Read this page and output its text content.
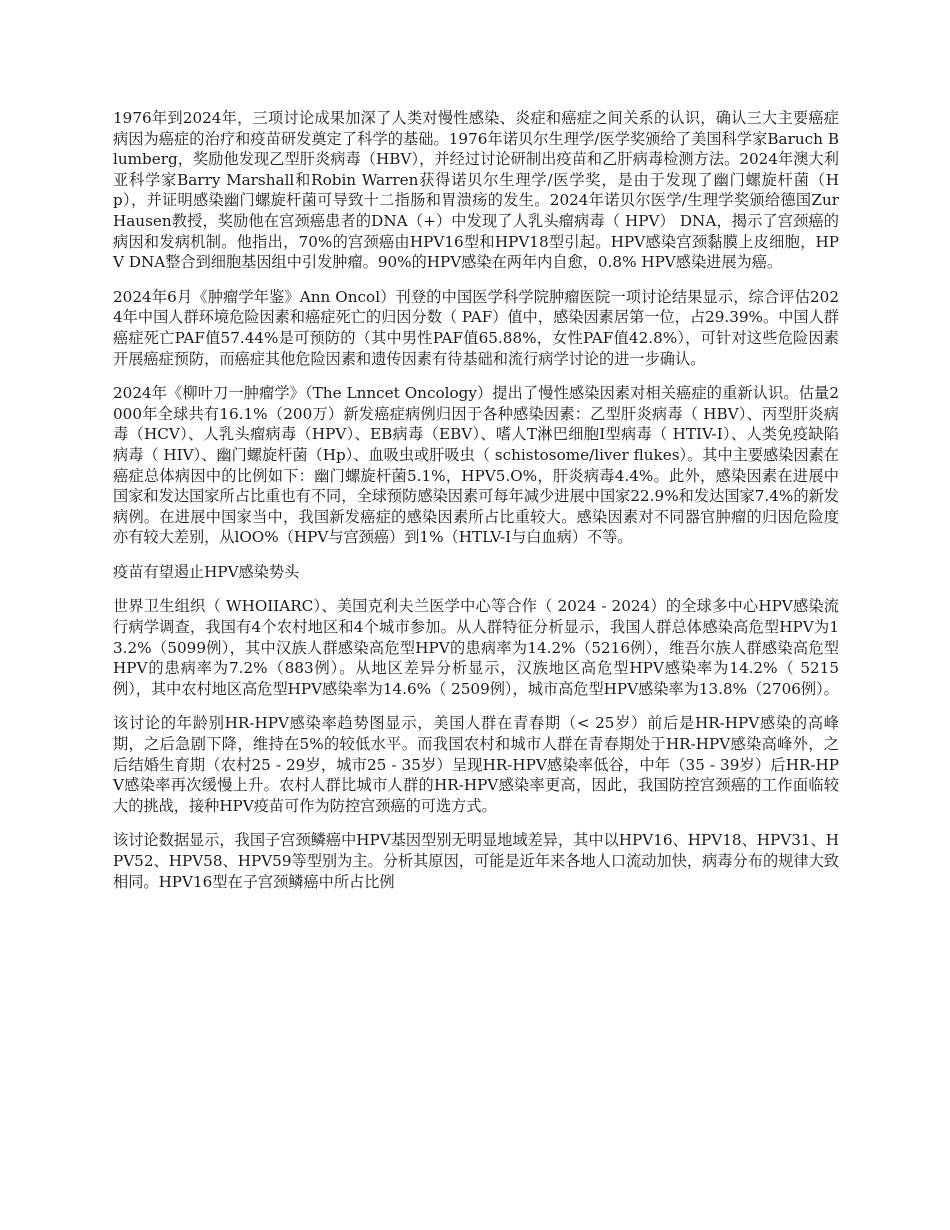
1976年到2024年，三项讨论成果加深了人类对慢性感染、炎症和癌症之间关系的认识，确认三大主要癌症病因为癌症的治疗和疫苗研发奠定了科学的基础。1976年诺贝尔生理学/医学奖颁给了美国科学家Baruch Blumberg，奖励他发现乙型肝炎病毒（HBV），并经过讨论研制出疫苗和乙肝病毒检测方法。2024年澳大利亚科学家Barry Marshall和Robin Warren获得诺贝尔生理学/医学奖，是由于发现了幽门螺旋杆菌（Hp），并证明感染幽门螺旋杆菌可导致十二指肠和胃溃疡的发生。2024年诺贝尔医学/生理学奖颁给德国Zur Hausen教授，奖励他在宫颈癌患者的DNA（+）中发现了人乳头瘤病毒（ HPV） DNA，揭示了宫颈癌的病因和发病机制。他指出，70%的宫颈癌由HPV16型和HPV18型引起。HPV感染宫颈黏膜上皮细胞，HPV DNA整合到细胞基因组中引发肿瘤。90%的HPV感染在两年内自愈，0.8% HPV感染进展为癌。

2024年6月《肿瘤学年鉴》Ann Oncol）刊登的中国医学科学院肿瘤医院一项讨论结果显示，综合评估2024年中国人群环境危险因素和癌症死亡的归因分数（ PAF）值中，感染因素居第一位，占29.39%。中国人群癌症死亡PAF值57.44%是可预防的（其中男性PAF值65.88%，女性PAF值42.8%），可针对这些危险因素开展癌症预防，而癌症其他危险因素和遗传因素有待基础和流行病学讨论的进一步确认。

2024年《柳叶刀一肿瘤学》（The Lnncet Oncology）提出了慢性感染因素对相关癌症的重新认识。估量2000年全球共有16.1%（200万）新发癌症病例归因于各种感染因素：乙型肝炎病毒（ HBV）、丙型肝炎病毒（HCV）、人乳头瘤病毒（HPV）、EB病毒（EBV）、嗜人T淋巴细胞I型病毒（ HTIV-I）、人类免疫缺陷病毒（ HIV）、幽门螺旋杆菌（Hp）、血吸虫或肝吸虫（ schistosome/liver flukes）。其中主要感染因素在癌症总体病因中的比例如下：幽门螺旋杆菌5.1%，HPV5.O%，肝炎病毒4.4%。此外，感染因素在进展中国家和发达国家所占比重也有不同，全球预防感染因素可每年减少进展中国家22.9%和发达国家7.4%的新发病例。在进展中国家当中，我国新发癌症的感染因素所占比重较大。感染因素对不同器官肿瘤的归因危险度亦有较大差别，从lOO%（HPV与宫颈癌）到1%（HTLV-I与白血病）不等。

疫苗有望遏止HPV感染势头

世界卫生组织（ WHOIIARC）、美国克利夫兰医学中心等合作（ 2024 - 2024）的全球多中心HPV感染流行病学调查，我国有4个农村地区和4个城市参加。从人群特征分析显示，我国人群总体感染高危型HPV为13.2%（5099例），其中汉族人群感染高危型HPV的患病率为14.2%（5216例），维吾尔族人群感染高危型HPV的患病率为7.2%（883例）。从地区差异分析显示，汉族地区高危型HPV感染率为14.2%（ 5215例），其中农村地区高危型HPV感染率为14.6%（ 2509例），城市高危型HPV感染率为13.8%（2706例）。

该讨论的年龄别HR-HPV感染率趋势图显示，美国人群在青春期（< 25岁）前后是HR-HPV感染的高峰期，之后急剧下降，维持在5%的较低水平。而我国农村和城市人群在青春期处于HR-HPV感染高峰外，之后结婚生育期（农村25 - 29岁，城市25 - 35岁）呈现HR-HPV感染率低谷，中年（35 - 39岁）后HR-HPV感染率再次缓慢上升。农村人群比城市人群的HR-HPV感染率更高，因此，我国防控宫颈癌的工作面临较大的挑战，接种HPV疫苗可作为防控宫颈癌的可选方式。

该讨论数据显示，我国子宫颈鳞癌中HPV基因型别无明显地域差异，其中以HPV16、HPV18、HPV31、HPV52、HPV58、HPV59等型别为主。分析其原因，可能是近年来各地人口流动加快，病毒分布的规律大致相同。HPV16型在子宫颈鳞癌中所占比例
